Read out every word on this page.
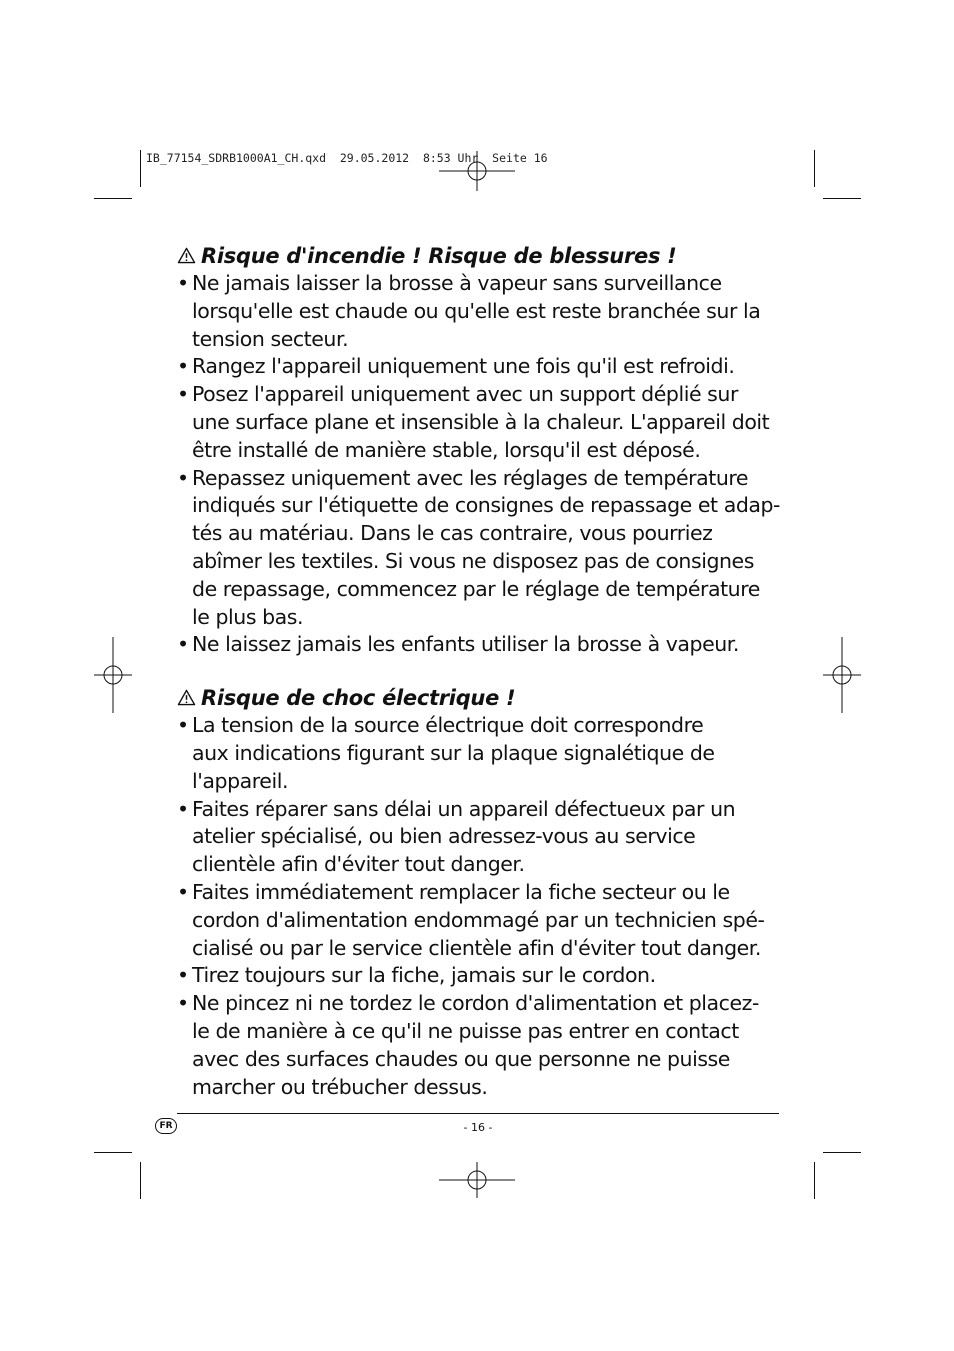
IB_77154_SDRB1000A1_CH.qxd  29.05.2012  8:53 Uhr  Seite 16
Risque d'incendie ! Risque de blessures !
• Ne jamais laisser la brosse à vapeur sans surveillance
lorsqu'elle est chaude ou qu'elle est reste branchée sur la
tension secteur.
• Rangez l'appareil uniquement une fois qu'il est refroidi.
• Posez l'appareil uniquement avec un support déplié sur
une surface plane et insensible à la chaleur. L'appareil doit
être installé de manière stable, lorsqu'il est déposé.
• Repassez uniquement avec les réglages de température
indiqués sur l'étiquette de consignes de repassage et adap-
tés au matériau. Dans le cas contraire, vous pourriez
abîmer les textiles. Si vous ne disposez pas de consignes
de repassage, commencez par le réglage de température
le plus bas.
• Ne laissez jamais les enfants utiliser la brosse à vapeur.
Risque de choc électrique !
• La tension de la source électrique doit correspondre
aux indications figurant sur la plaque signalétique de
l'appareil.
• Faites réparer sans délai un appareil défectueux par un
atelier spécialisé, ou bien adressez-vous au service
clientèle afin d'éviter tout danger.
• Faites immédiatement remplacer la fiche secteur ou le
cordon d'alimentation endommagé par un technicien spé-
cialisé ou par le service clientèle afin d'éviter tout danger.
• Tirez toujours sur la fiche, jamais sur le cordon.
• Ne pincez ni ne tordez le cordon d'alimentation et placez-
le de manière à ce qu'il ne puisse pas entrer en contact
avec des surfaces chaudes ou que personne ne puisse
marcher ou trébucher dessus.
FR	- 16 -
